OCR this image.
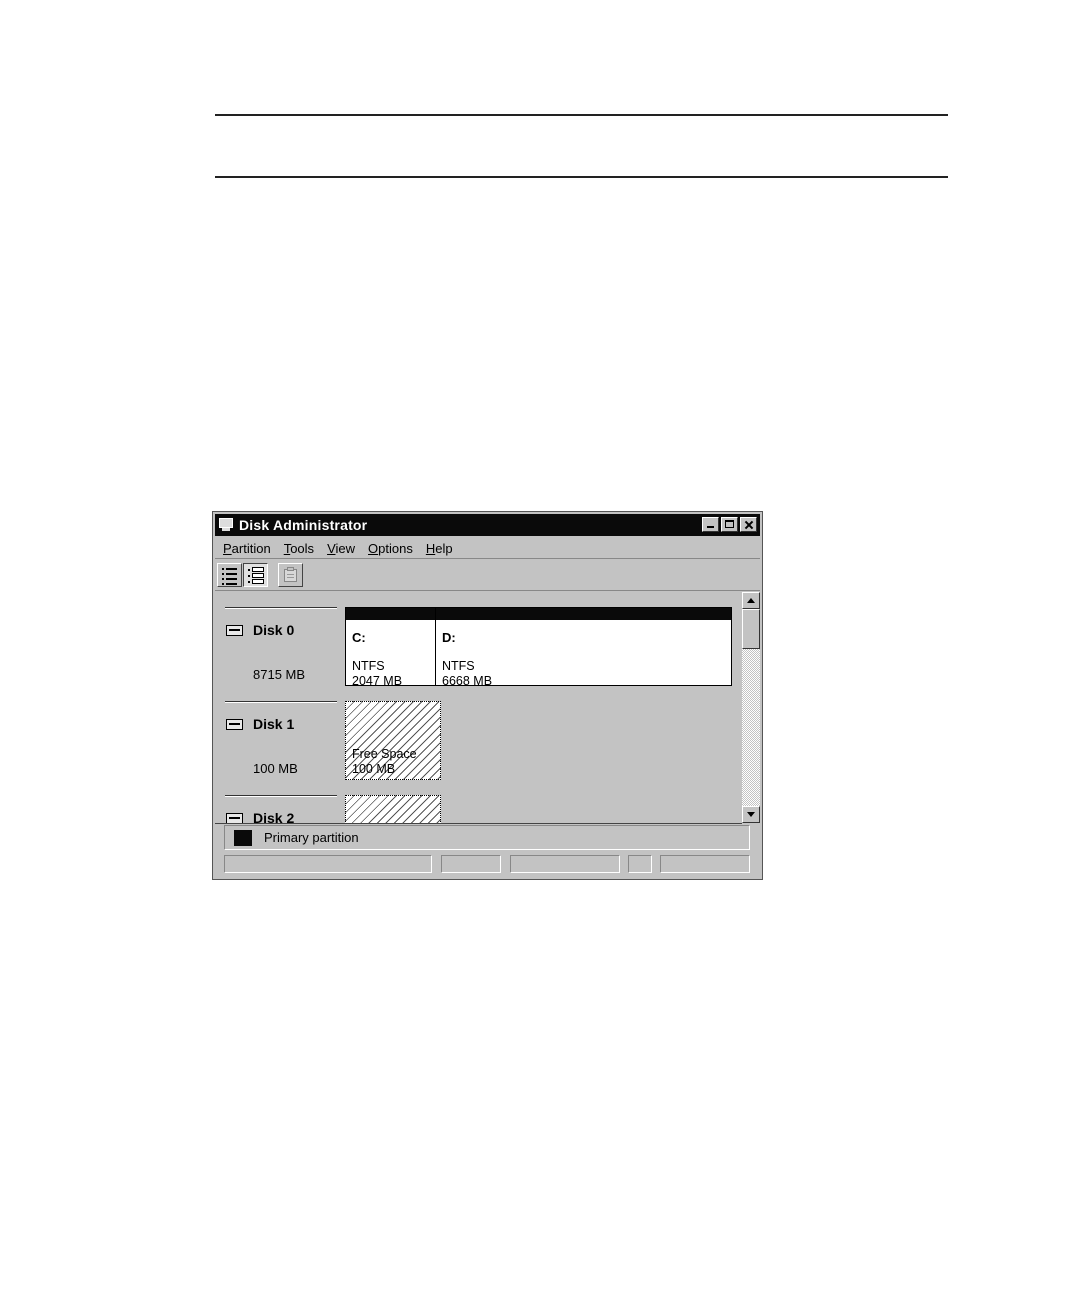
Disk Administrator
Partition Tools View Options Help
Disk 0
8715 MB
C:
NTFS
2047 MB
D:
NTFS
6668 MB
Disk 1
100 MB
Free Space
100 MB
Disk 2
Primary partition
